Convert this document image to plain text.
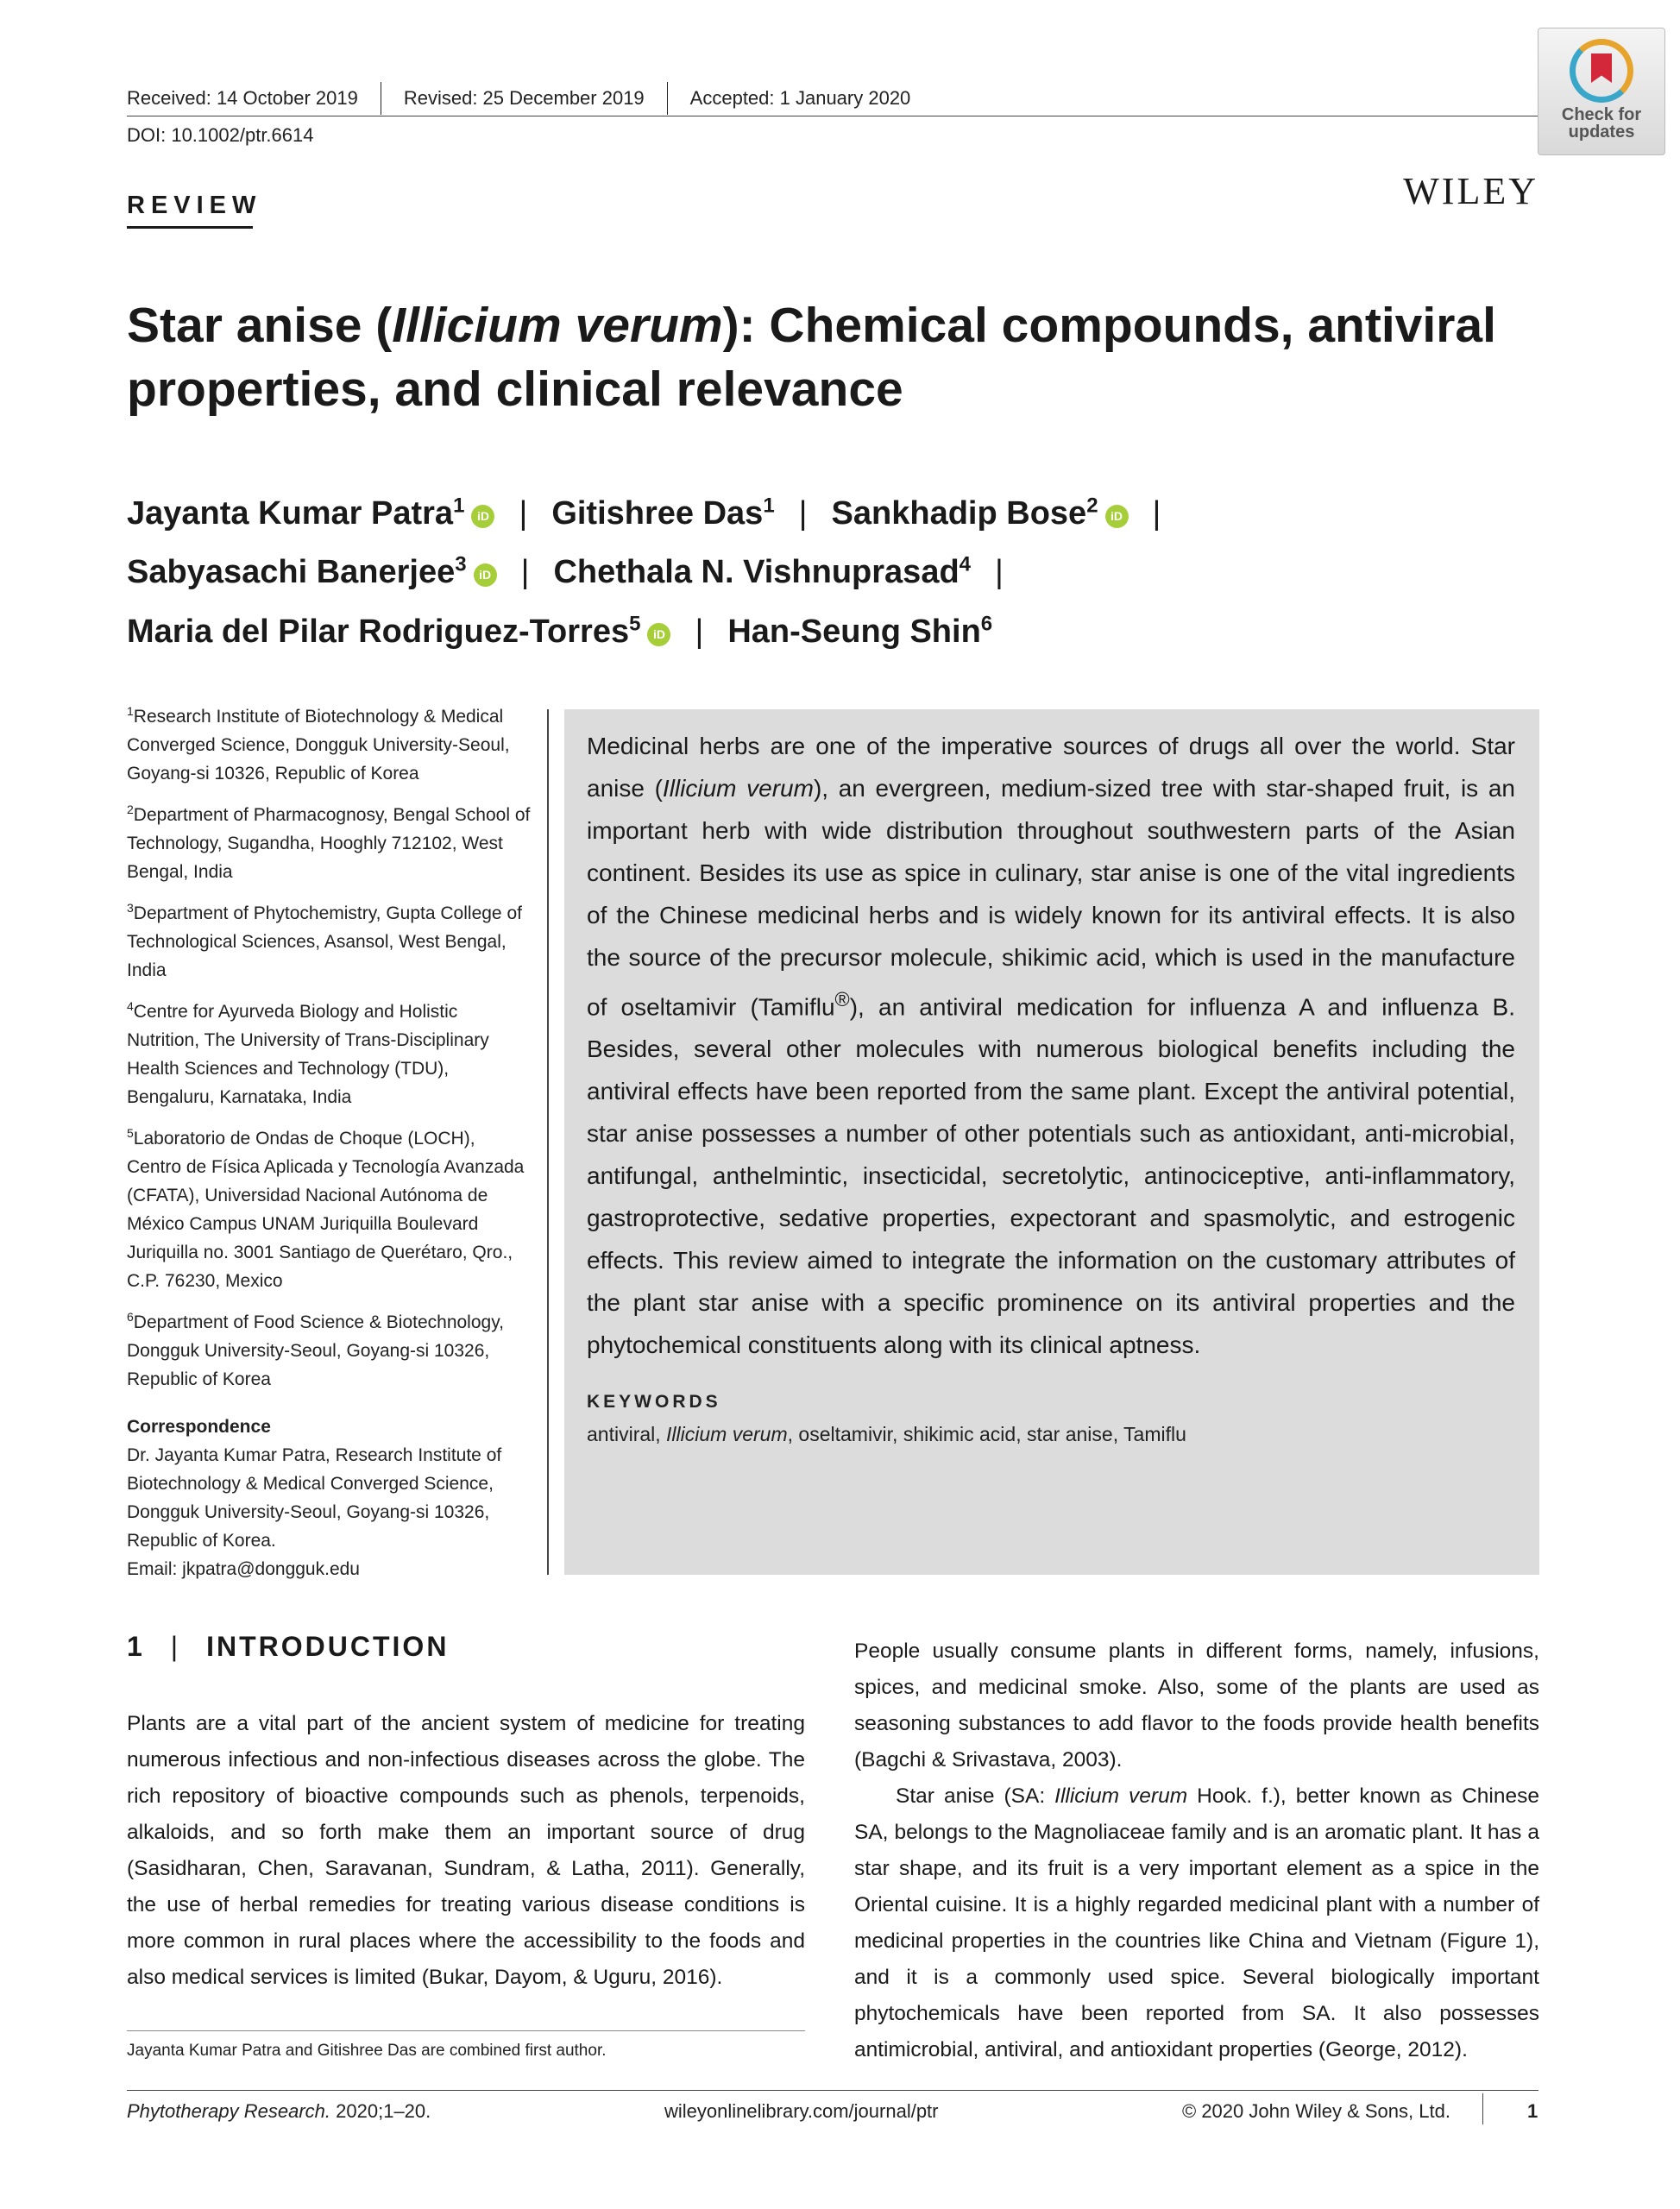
Received: 14 October 2019 Revised: 25 December 2019 Accepted: 1 January 2020
DOI: 10.1002/ptr.6614
Check for
updates
REVIEW	WILEY
Star anise (Illicium verum): Chemical compounds, antiviral properties, and clinical relevance
Jayanta Kumar Patra$^1$ iD | Gitishree Das$^1$ | Sankhadip Bose$^2$ iD |
Sabyasachi Banerjee$^3$ iD | Chethala N. Vishnuprasad$^4$ |
Maria del Pilar Rodriguez-Torres$^5$ iD | Han-Seung Shin$^6$

$^1$Research Institute of Biotechnology & Medical Converged Science, Dongguk University-Seoul, Goyang-si 10326, Republic of Korea

$^2$Department of Pharmacognosy, Bengal School of Technology, Sugandha, Hooghly 712102, West Bengal, India

$^3$Department of Phytochemistry, Gupta College of Technological Sciences, Asansol, West Bengal, India

$^4$Centre for Ayurveda Biology and Holistic Nutrition, The University of Trans-Disciplinary Health Sciences and Technology (TDU), Bengaluru, Karnataka, India

$^5$Laboratorio de Ondas de Choque (LOCH), Centro de Física Aplicada y Tecnología Avanzada (CFATA), Universidad Nacional Autónoma de México Campus UNAM Juriquilla Boulevard Juriquilla no. 3001 Santiago de Querétaro, Qro., C.P. 76230, Mexico

$^6$Department of Food Science & Biotechnology, Dongguk University-Seoul, Goyang-si 10326, Republic of Korea

Correspondence

Dr. Jayanta Kumar Patra, Research Institute of Biotechnology & Medical Converged Science, Dongguk University-Seoul, Goyang-si 10326, Republic of Korea.

Email: jkpatra@dongguk.edu

Medicinal herbs are one of the imperative sources of drugs all over the world. Star anise (Illicium verum), an evergreen, medium-sized tree with star-shaped fruit, is an important herb with wide distribution throughout southwestern parts of the Asian continent. Besides its use as spice in culinary, star anise is one of the vital ingredients of the Chinese medicinal herbs and is widely known for its antiviral effects. It is also the source of the precursor molecule, shikimic acid, which is used in the manufacture of oseltamivir (Tamiflu®), an antiviral medication for influenza A and influenza B. Besides, several other molecules with numerous biological benefits including the antiviral effects have been reported from the same plant. Except the antiviral potential, star anise possesses a number of other potentials such as antioxidant, anti-microbial, antifungal, anthelmintic, insecticidal, secretolytic, antinociceptive, anti-inflammatory, gastroprotective, sedative properties, expectorant and spasmolytic, and estrogenic effects. This review aimed to integrate the information on the customary attributes of the plant star anise with a specific prominence on its antiviral properties and the phytochemical constituents along with its clinical aptness.

KEYWORDS
antiviral, Illicium verum, oseltamivir, shikimic acid, star anise, Tamiflu
1 | INTRODUCTION

Plants are a vital part of the ancient system of medicine for treating numerous infectious and non-infectious diseases across the globe. The rich repository of bioactive compounds such as phenols, terpenoids, alkaloids, and so forth make them an important source of drug (Sasidharan, Chen, Saravanan, Sundram, & Latha, 2011). Generally, the use of herbal remedies for treating various disease conditions is more common in rural places where the accessibility to the foods and also medical services is limited (Bukar, Dayom, & Uguru, 2016).

People usually consume plants in different forms, namely, infusions, spices, and medicinal smoke. Also, some of the plants are used as seasoning substances to add flavor to the foods provide health benefits (Bagchi & Srivastava, 2003).

Star anise (SA: Illicium verum Hook. f.), better known as Chinese SA, belongs to the Magnoliaceae family and is an aromatic plant. It has a star shape, and its fruit is a very important element as a spice in the Oriental cuisine. It is a highly regarded medicinal plant with a number of medicinal properties in the countries like China and Vietnam (Figure 1), and it is a commonly used spice. Several biologically important phytochemicals have been reported from SA. It also possesses antimicrobial, antiviral, and antioxidant properties (George, 2012).

Jayanta Kumar Patra and Gitishree Das are combined first author.
Phytotherapy Research. 2020;1–20.	wileyonlinelibrary.com/journal/ptr	© 2020 John Wiley & Sons, Ltd.	1
